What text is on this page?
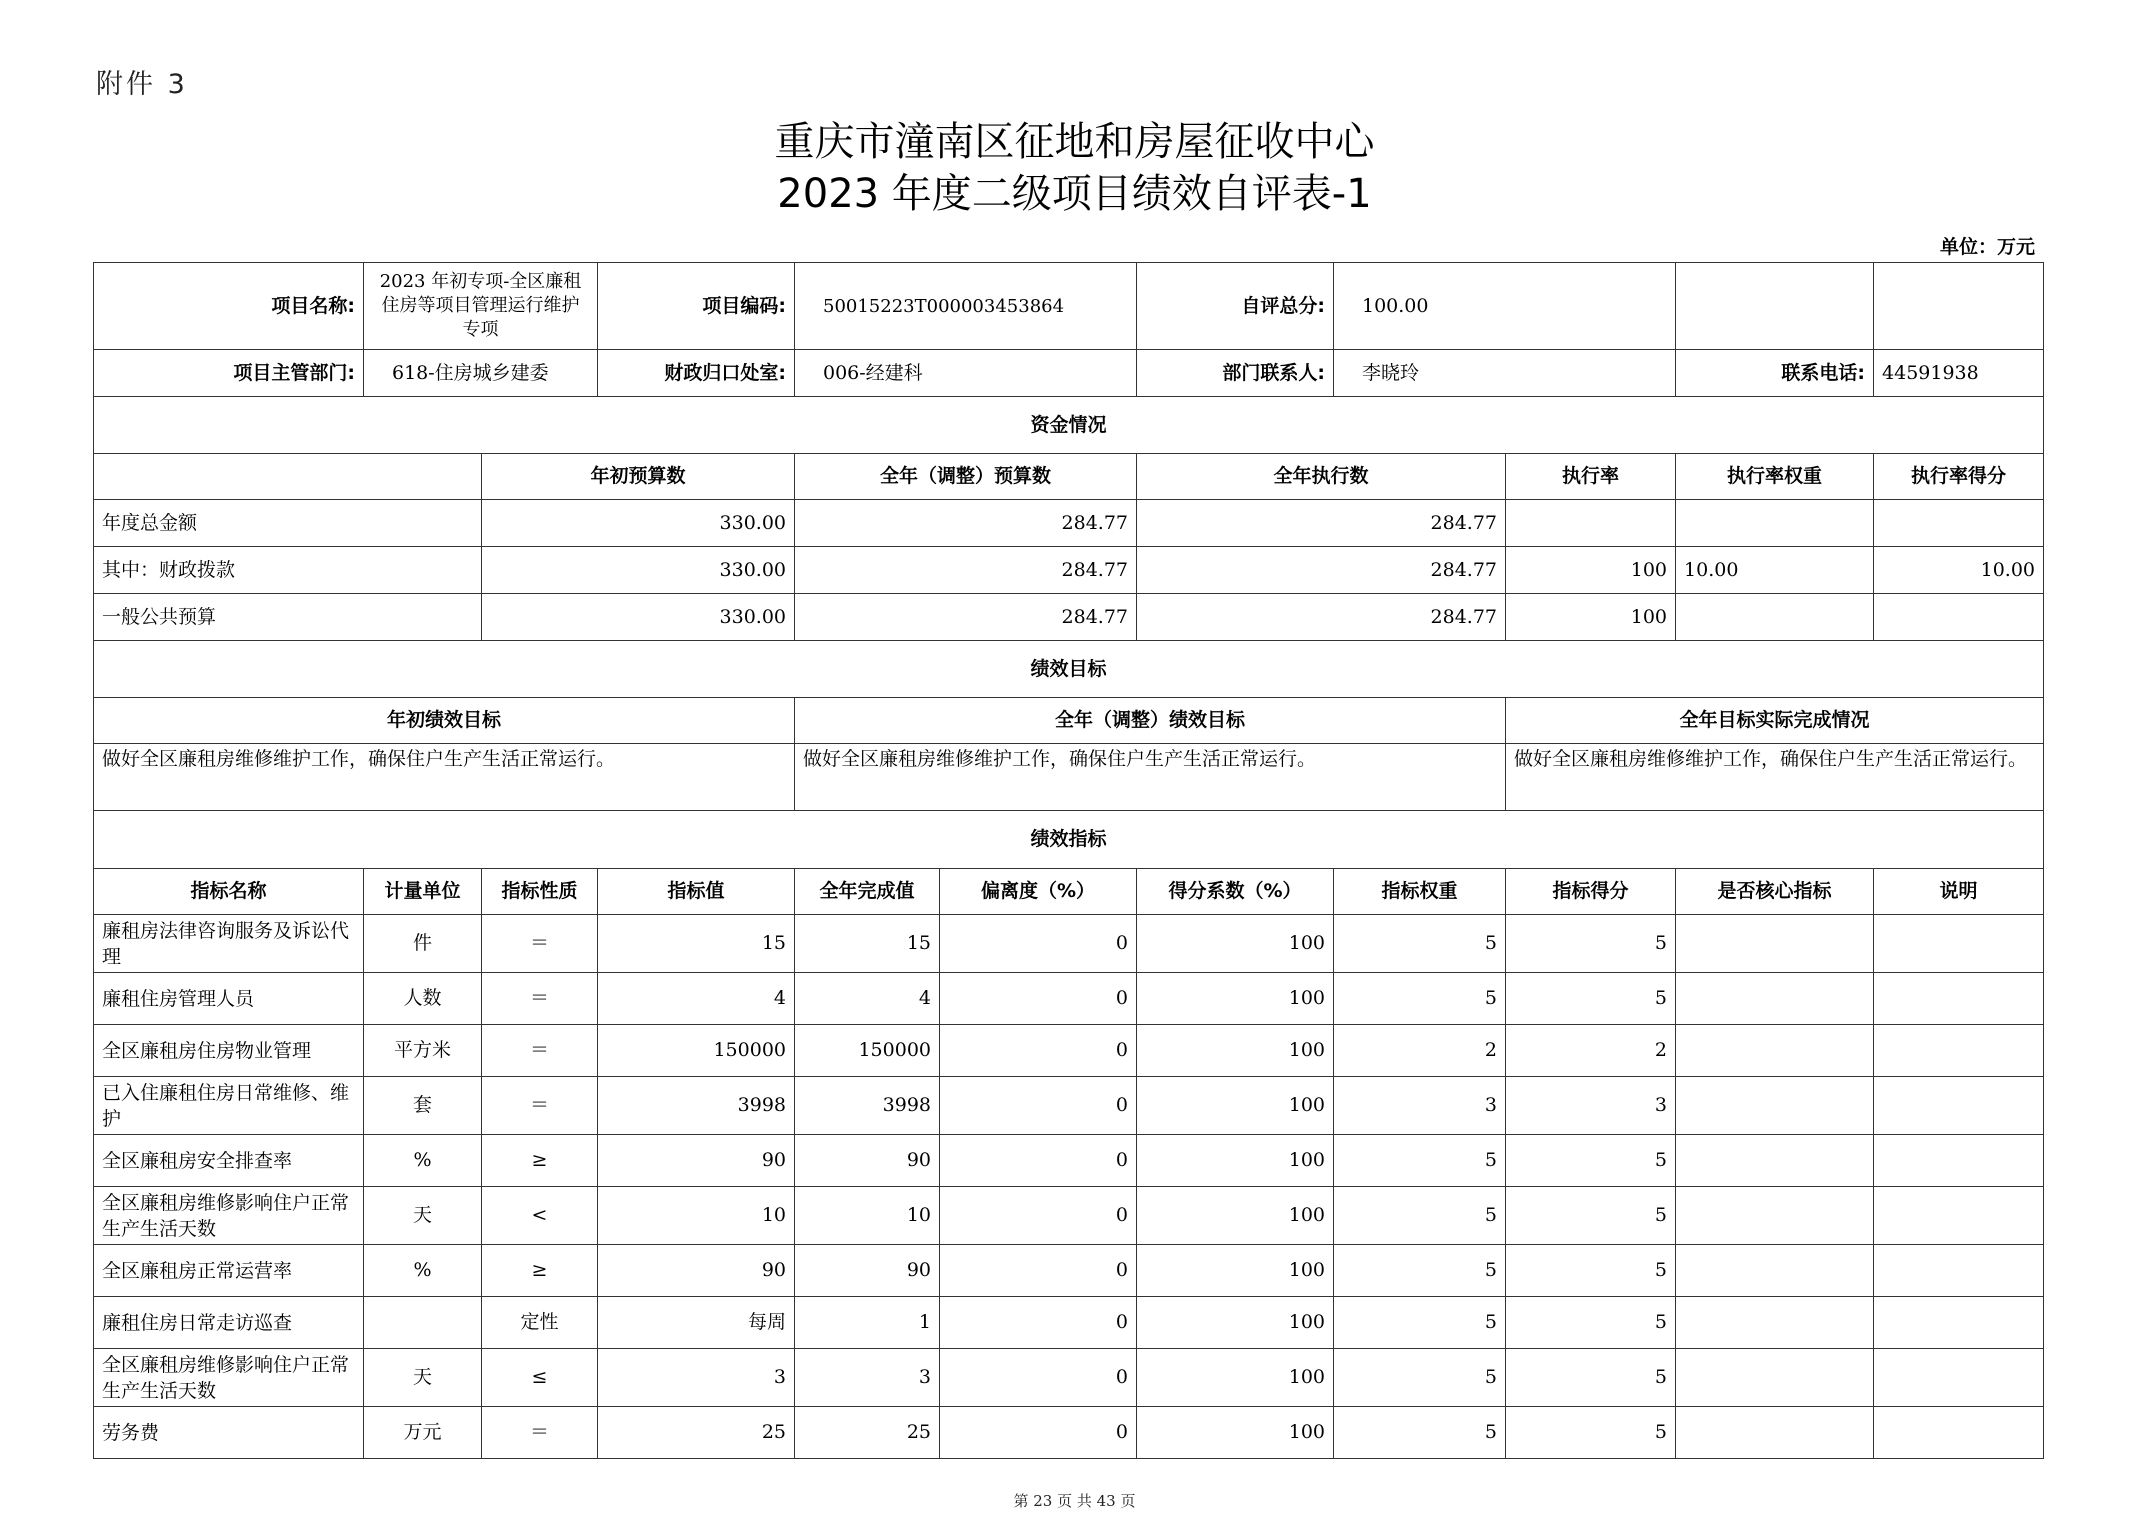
附件 3
重庆市潼南区征地和房屋征收中心
2023 年度二级项目绩效自评表-1
单位：万元
项目名称:	2023 年初专项-全区廉租住房等项目管理运行维护专项		项目编码:	50015223T000003453864		自评总分:	100.00			
项目主管部门:	618-住房城乡建委		财政归口处室:	006-经建科		部门联系人:	李晓玲		联系电话:	44591938
资金情况										
		年初预算数		全年（调整）预算数		全年执行数		执行率	执行率权重	执行率得分
年度总金额		330.00		284.77		284.77				
其中：财政拨款		330.00		284.77		284.77		100	10.00	10.00
一般公共预算		330.00		284.77		284.77		100		
绩效目标										
年初绩效目标				全年（调整）绩效目标				全年目标实际完成情况		
做好全区廉租房维修维护工作，确保住户生产生活正常运行。				做好全区廉租房维修维护工作，确保住户生产生活正常运行。				做好全区廉租房维修维护工作，确保住户生产生活正常运行。		
绩效指标										
指标名称	计量单位	指标性质	指标值	全年完成值	偏离度（%）	得分系数（%）	指标权重	指标得分	是否核心指标	说明
廉租房法律咨询服务及诉讼代理	件	＝	15	15	0	100	5	5		
廉租住房管理人员	人数	＝	4	4	0	100	5	5		
全区廉租房住房物业管理	平方米	＝	150000	150000	0	100	2	2		
已入住廉租住房日常维修、维护	套	＝	3998	3998	0	100	3	3		
全区廉租房安全排查率	%	≥	90	90	0	100	5	5		
全区廉租房维修影响住户正常生产生活天数	天	<	10	10	0	100	5	5		
全区廉租房正常运营率	%	≥	90	90	0	100	5	5		
廉租住房日常走访巡查		定性	每周	1	0	100	5	5		
全区廉租房维修影响住户正常生产生活天数	天	≤	3	3	0	100	5	5		
劳务费	万元	＝	25	25	0	100	5	5		
第 23 页 共 43 页
